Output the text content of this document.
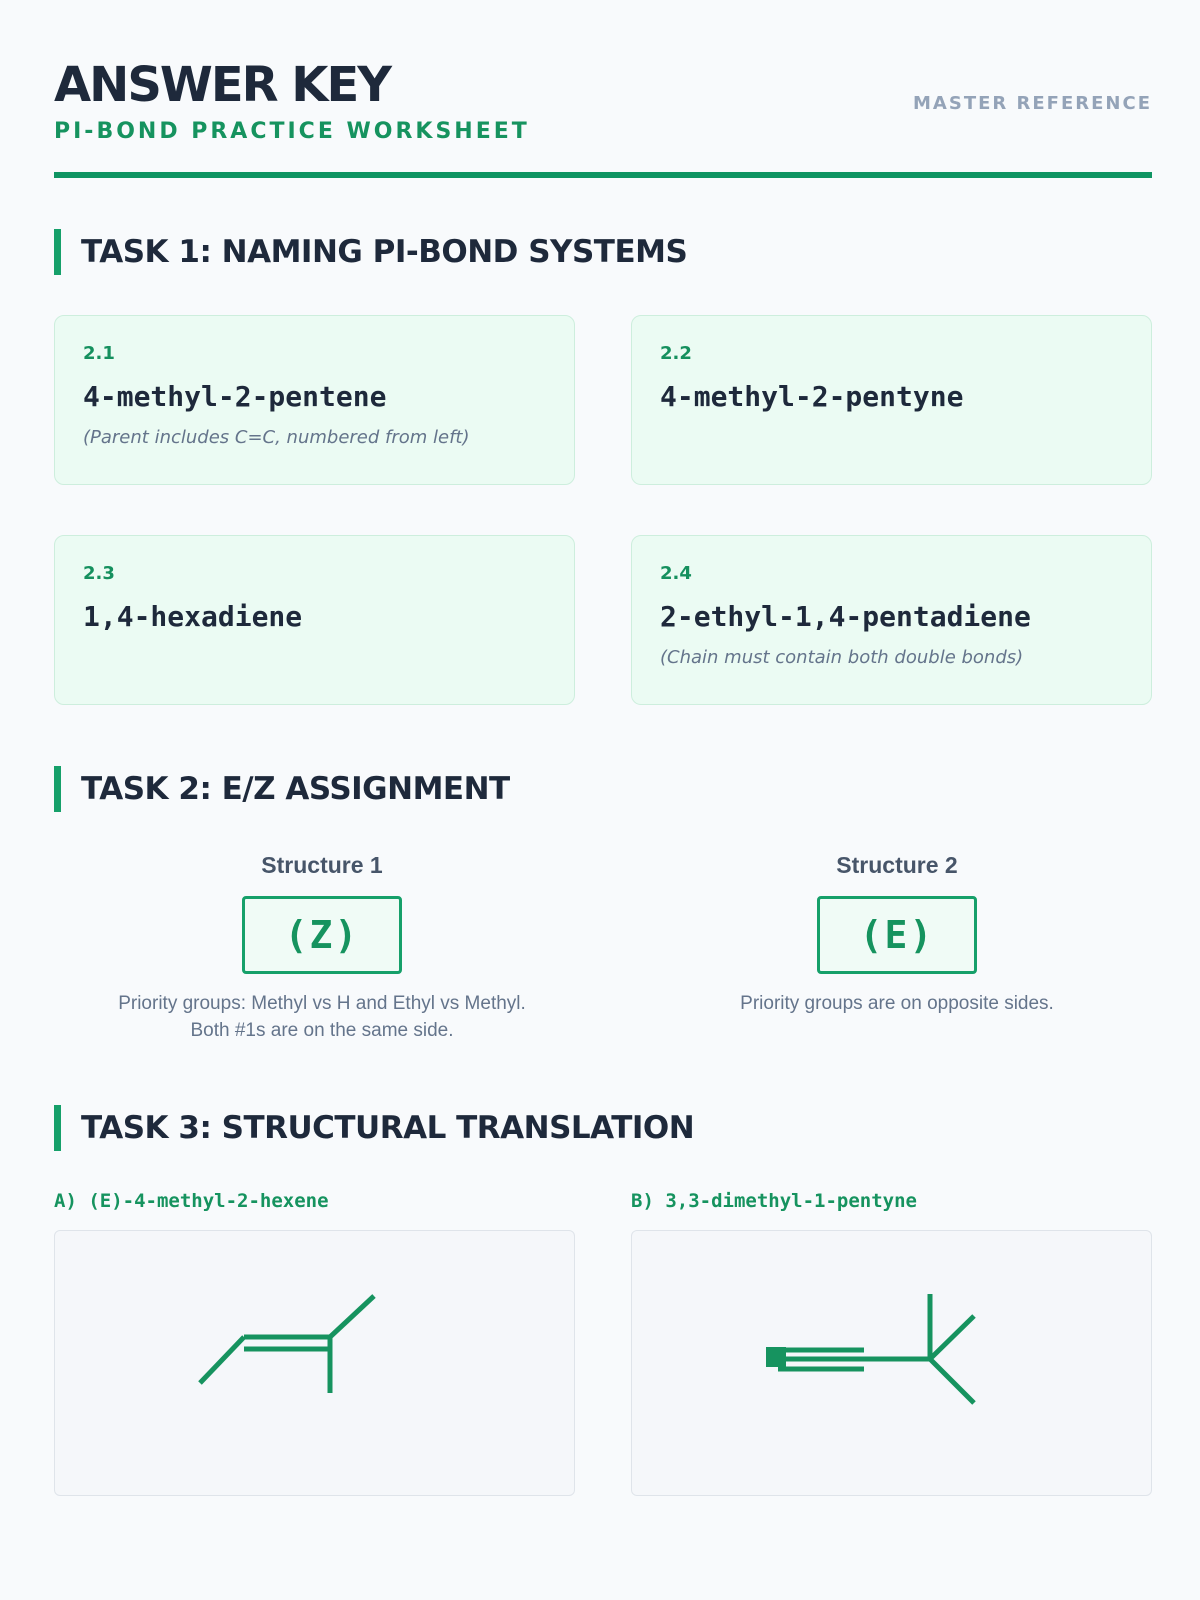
ANSWER KEY
PI-BOND PRACTICE WORKSHEET
MASTER REFERENCE
TASK 1: NAMING PI-BOND SYSTEMS
2.1
4-methyl-2-pentene
(Parent includes C=C, numbered from left)
2.2
4-methyl-2-pentyne
2.3
1,4-hexadiene
2.4
2-ethyl-1,4-pentadiene
(Chain must contain both double bonds)
TASK 2: E/Z ASSIGNMENT
Structure 1
(Z)
Priority groups: Methyl vs H and Ethyl vs Methyl.
Both #1s are on the same side.
Structure 2
(E)
Priority groups are on opposite sides.
TASK 3: STRUCTURAL TRANSLATION
A) (E)-4-methyl-2-hexene	B) 3,3-dimethyl-1-pentyne
